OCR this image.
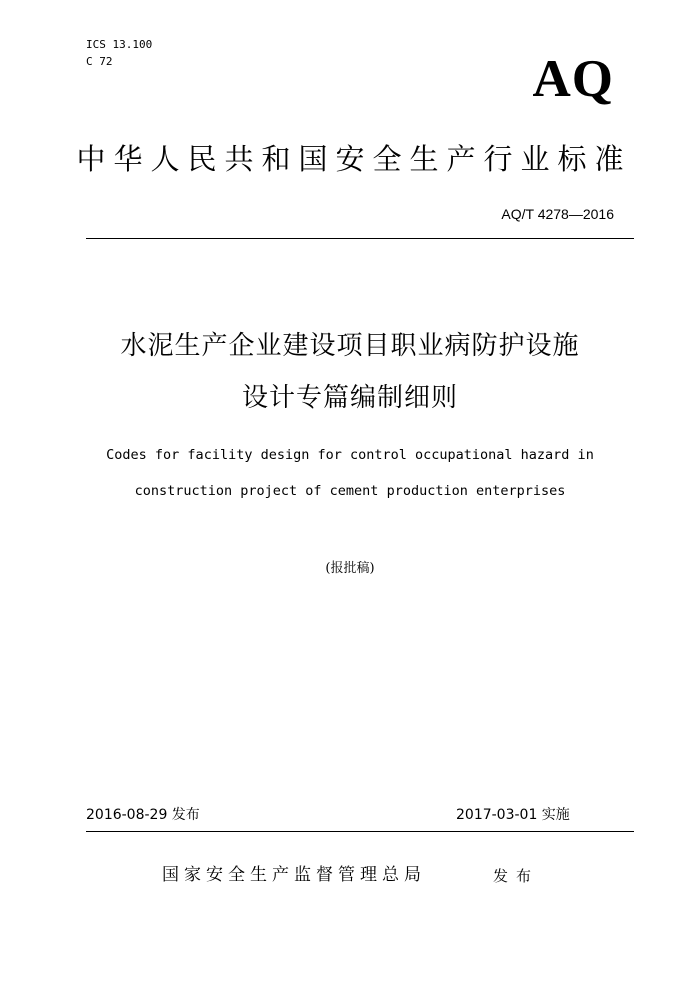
ICS 13.100
C 72	AQ
中华人民共和国安全生产行业标准
AQ/T 4278—2016
水泥生产企业建设项目职业病防护设施
设计专篇编制细则
Codes for facility design for control occupational hazard in
construction project of cement production enterprises
(报批稿)
2016-08-29 发布	2017-03-01 实施
国家安全生产监督管理总局	发布
